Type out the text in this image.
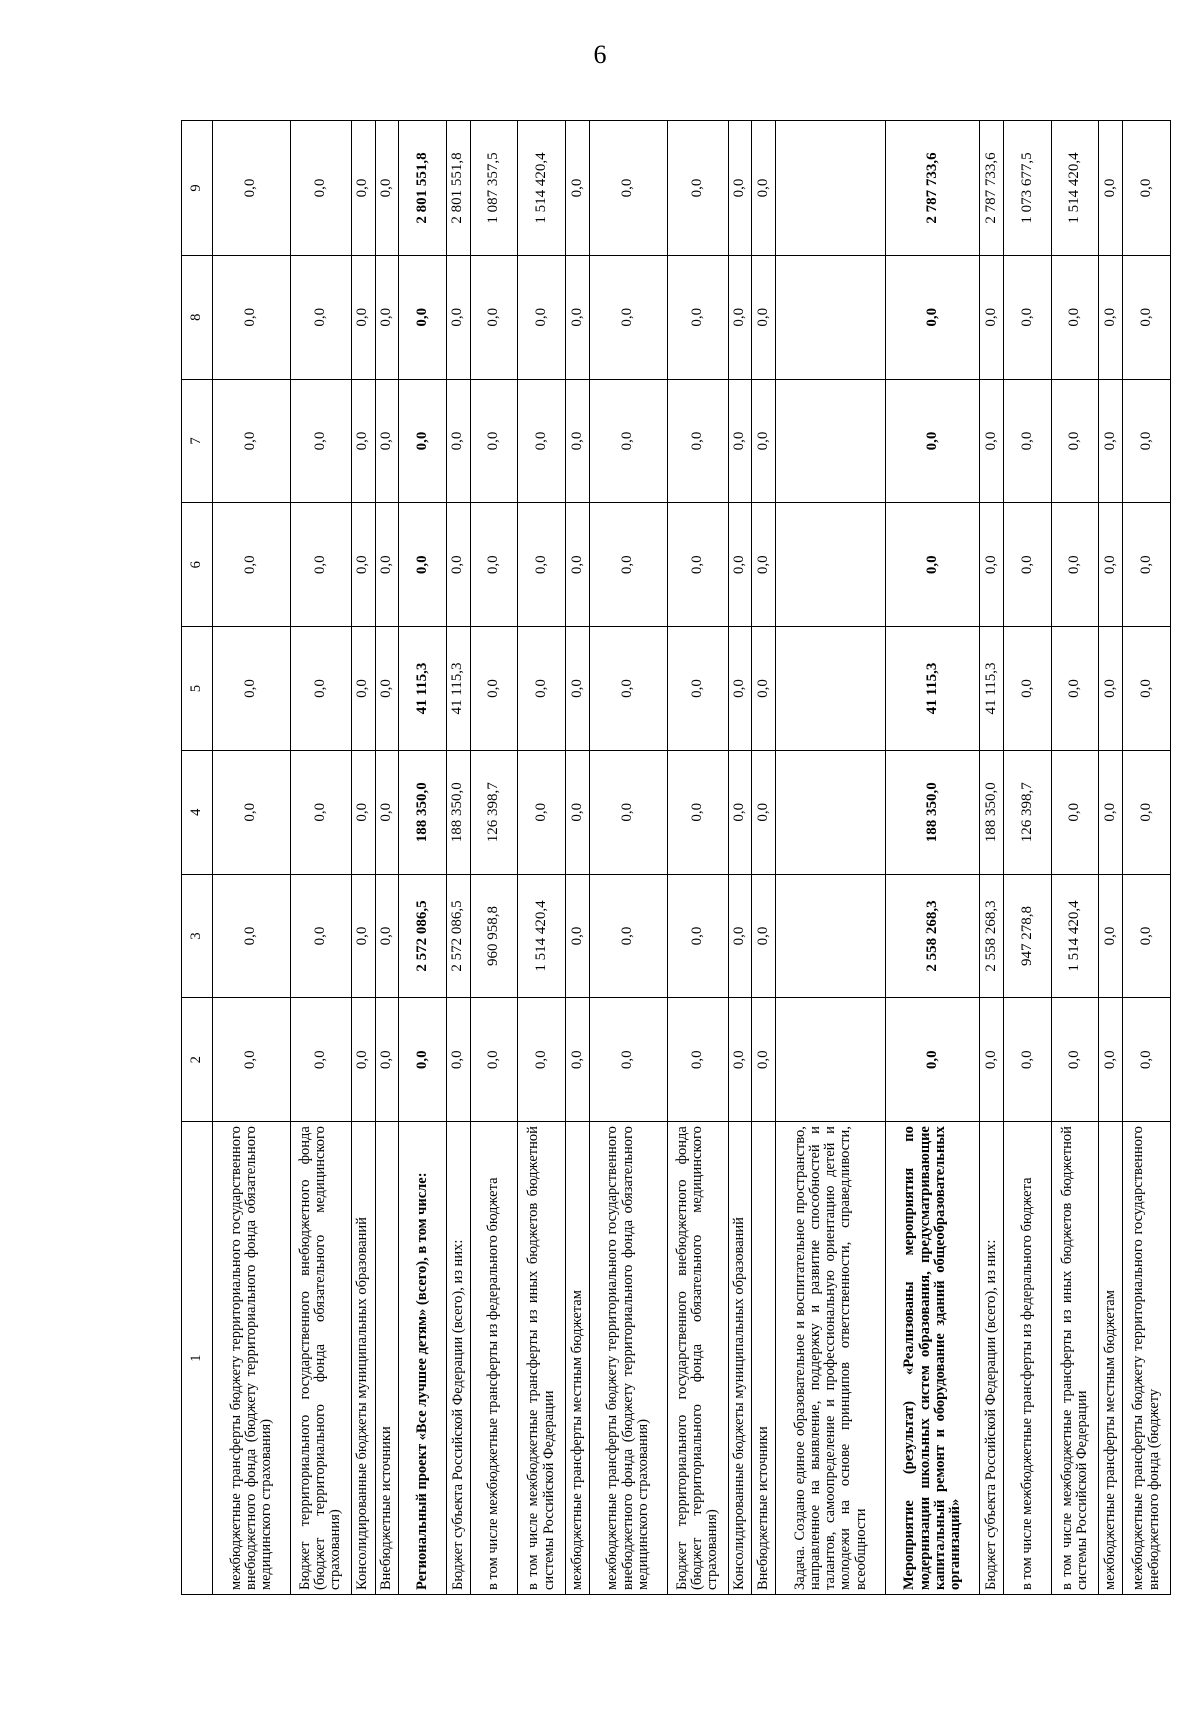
6
1	2	3	4	5	6	7	8	9
межбюджетные трансферты бюджету территориального государственного внебюджетного фонда (бюджету территориального фонда обязательного медицинского страхования)	0,0	0,0	0,0	0,0	0,0	0,0	0,0	0,0
Бюджет территориального государственного внебюджетного фонда (бюджет территориального фонда обязательного медицинского страхования)	0,0	0,0	0,0	0,0	0,0	0,0	0,0	0,0
Консолидированные бюджеты муниципальных образований	0,0	0,0	0,0	0,0	0,0	0,0	0,0	0,0
Внебюджетные источники	0,0	0,0	0,0	0,0	0,0	0,0	0,0	0,0
Региональный проект «Все лучшее детям» (всего), в том числе:	0,0	2 572 086,5	188 350,0	41 115,3	0,0	0,0	0,0	2 801 551,8
Бюджет субъекта Российской Федерации (всего), из них:	0,0	2 572 086,5	188 350,0	41 115,3	0,0	0,0	0,0	2 801 551,8
в том числе межбюджетные трансферты из федерального бюджета	0,0	960 958,8	126 398,7	0,0	0,0	0,0	0,0	1 087 357,5
в том числе межбюджетные трансферты из иных бюджетов бюджетной системы Российской Федерации	0,0	1 514 420,4	0,0	0,0	0,0	0,0	0,0	1 514 420,4
межбюджетные трансферты местным бюджетам	0,0	0,0	0,0	0,0	0,0	0,0	0,0	0,0
межбюджетные трансферты бюджету территориального государственного внебюджетного фонда (бюджету территориального фонда обязательного медицинского страхования)	0,0	0,0	0,0	0,0	0,0	0,0	0,0	0,0
Бюджет территориального государственного внебюджетного фонда (бюджет территориального фонда обязательного медицинского страхования)	0,0	0,0	0,0	0,0	0,0	0,0	0,0	0,0
Консолидированные бюджеты муниципальных образований	0,0	0,0	0,0	0,0	0,0	0,0	0,0	0,0
Внебюджетные источники	0,0	0,0	0,0	0,0	0,0	0,0	0,0	0,0
Задача. Создано единое образовательное и воспитательное пространство, направленное на выявление, поддержку и развитие способностей и талантов, самоопределение и профессиональную ориентацию детей и молодежи на основе принципов ответственности, справедливости, всеобщности								
Мероприятие (результат) «Реализованы мероприятия по модернизации школьных систем образования, предусматривающие капитальный ремонт и оборудование зданий общеобразовательных организаций»	0,0	2 558 268,3	188 350,0	41 115,3	0,0	0,0	0,0	2 787 733,6
Бюджет субъекта Российской Федерации (всего), из них:	0,0	2 558 268,3	188 350,0	41 115,3	0,0	0,0	0,0	2 787 733,6
в том числе межбюджетные трансферты из федерального бюджета	0,0	947 278,8	126 398,7	0,0	0,0	0,0	0,0	1 073 677,5
в том числе межбюджетные трансферты из иных бюджетов бюджетной системы Российской Федерации	0,0	1 514 420,4	0,0	0,0	0,0	0,0	0,0	1 514 420,4
межбюджетные трансферты местным бюджетам	0,0	0,0	0,0	0,0	0,0	0,0	0,0	0,0
межбюджетные трансферты бюджету территориального государственного внебюджетного фонда (бюджету	0,0	0,0	0,0	0,0	0,0	0,0	0,0	0,0
